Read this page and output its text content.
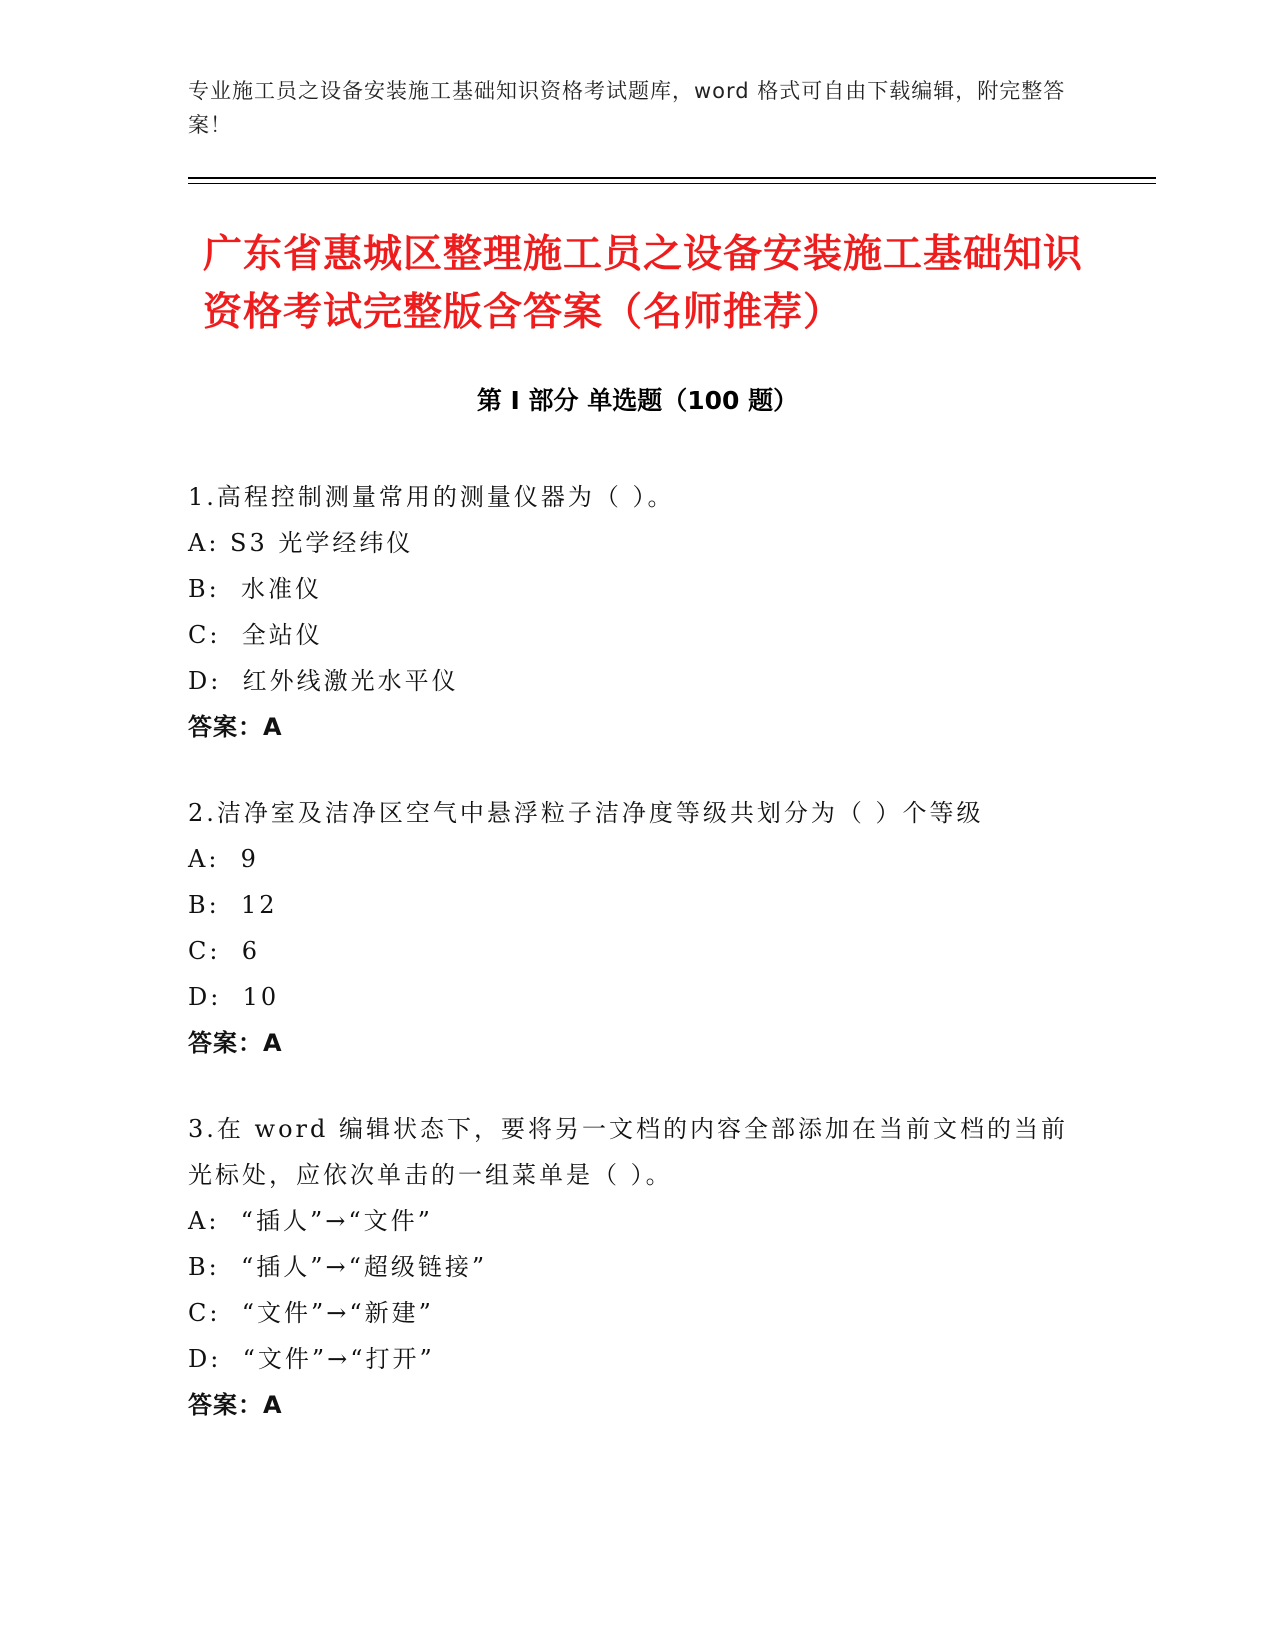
专业施工员之设备安装施工基础知识资格考试题库，word 格式可自由下载编辑，附完整答案！
广东省惠城区整理施工员之设备安装施工基础知识资格考试完整版含答案（名师推荐）
第 I 部分 单选题（100 题）

1.高程控制测量常用的测量仪器为（ ）。

A: S3 光学经纬仪

B:  水准仪

C:  全站仪

D:  红外线激光水平仪

答案：A

2.洁净室及洁净区空气中悬浮粒子洁净度等级共划分为（ ）个等级

A:  9

B:  12

C:  6

D:  10

答案：A

3.在 word 编辑状态下，要将另一文档的内容全部添加在当前文档的当前光标处，应依次单击的一组菜单是（ ）。

A:  “插人”→“文件”

B:  “插人”→“超级链接”

C:  “文件”→“新建”

D:  “文件”→“打开”

答案：A
